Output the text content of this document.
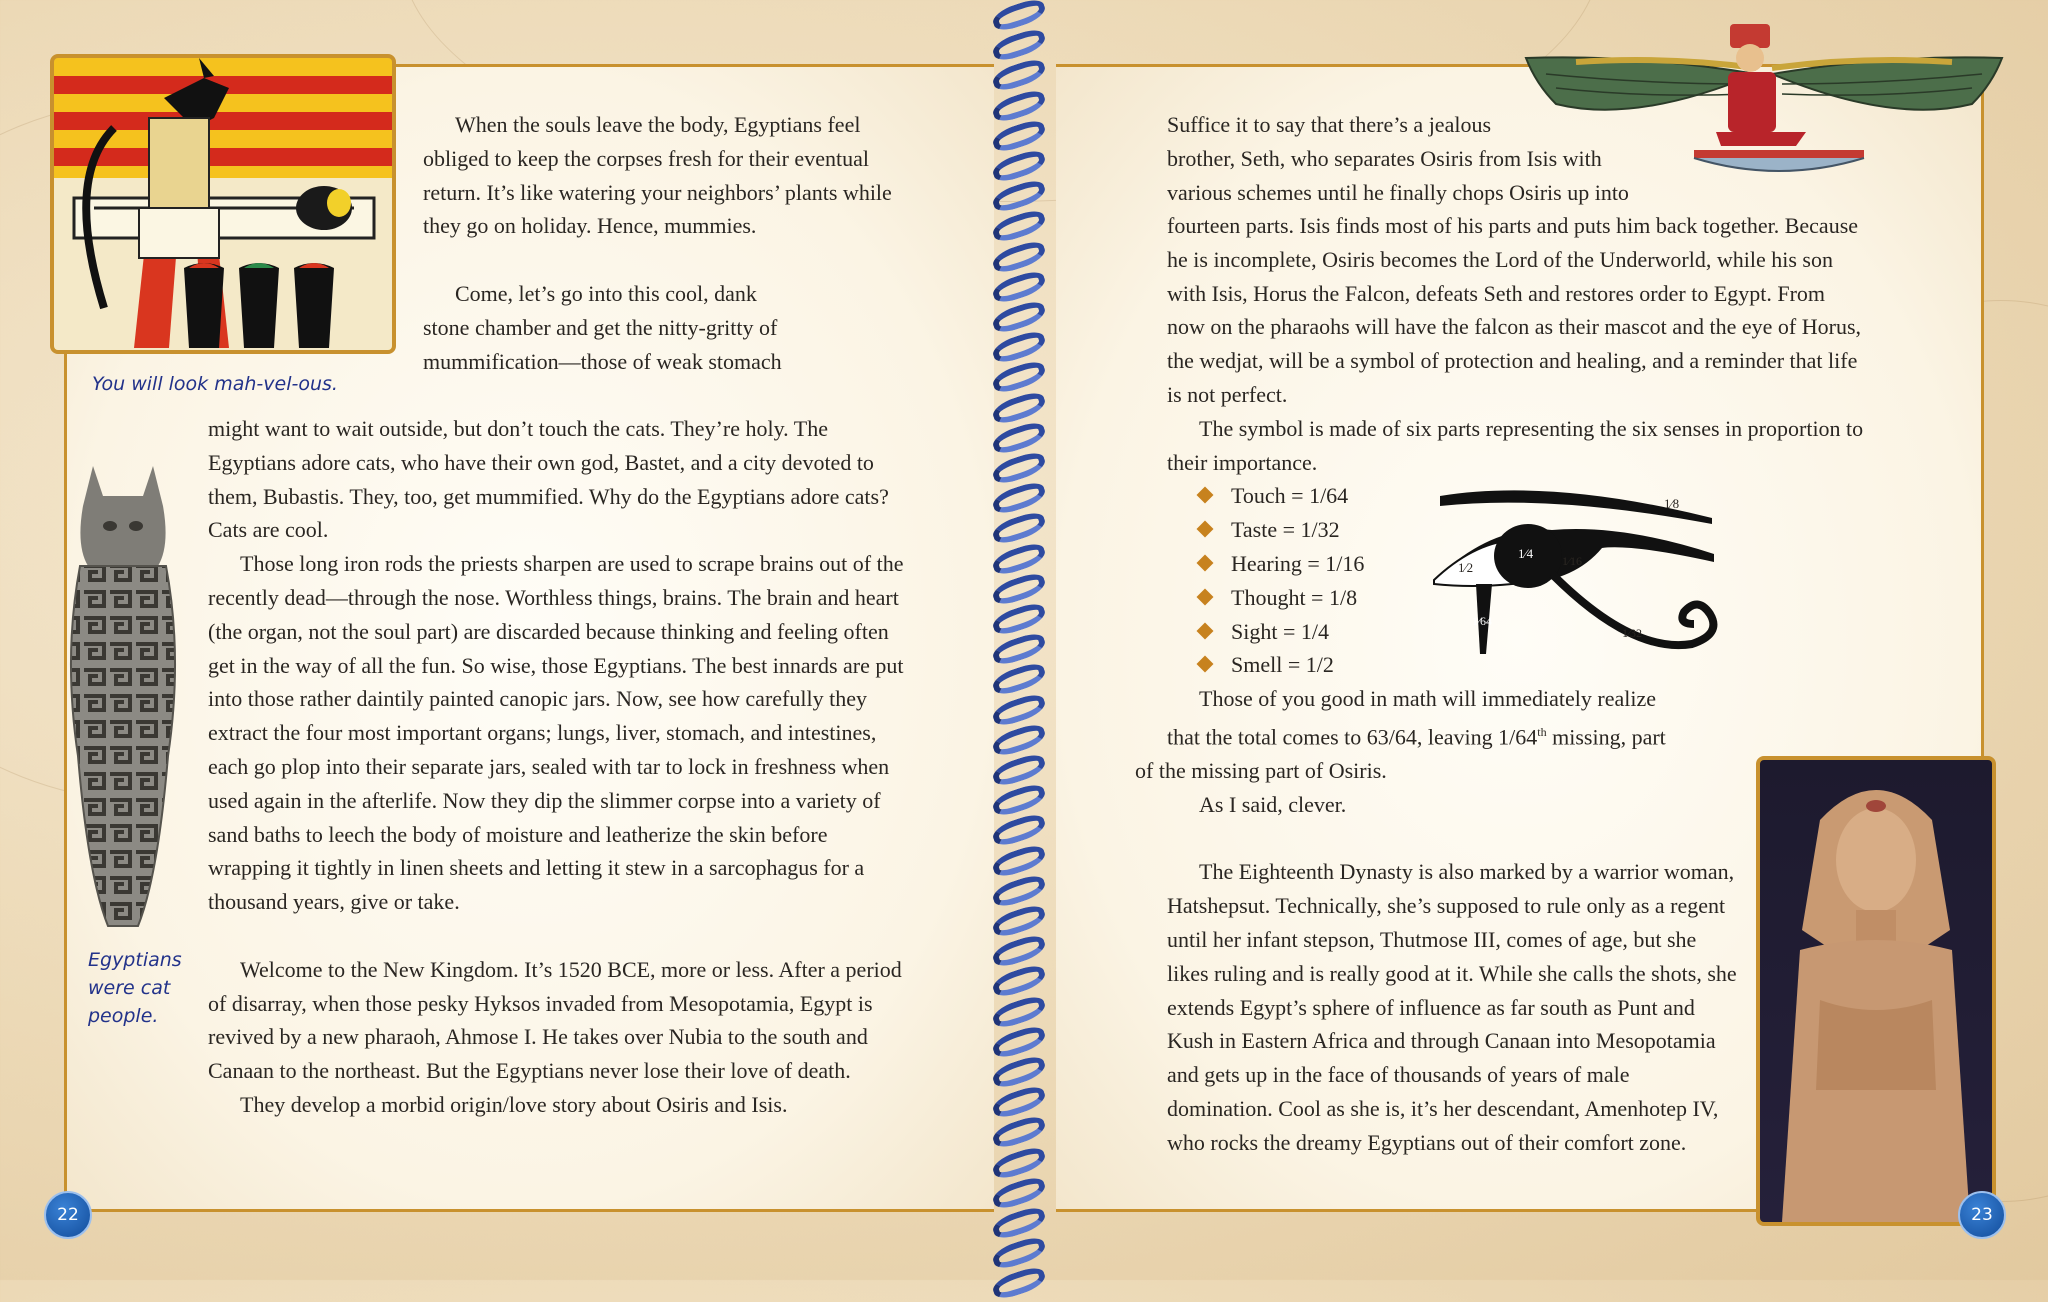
You will look mah-vel-ous.
Egyptians
were cat
people.

When the souls leave the body, Egyptians feel obliged to keep the corpses fresh for their eventual return. It’s like watering your neighbors’ plants while they go on holiday. Hence, mummies.

Come, let’s go into this cool, dank

stone chamber and get the nitty-gritty of

mummification—those of weak stomach

might want to wait outside, but don’t touch the cats. They’re holy. The Egyptians adore cats, who have their own god, Bastet, and a city devoted to them, Bubastis. They, too, get mummified. Why do the Egyptians adore cats? Cats are cool.

Those long iron rods the priests sharpen are used to scrape brains out of the recently dead—through the nose. Worthless things, brains. The brain and heart (the organ, not the soul part) are discarded because thinking and feeling often get in the way of all the fun. So wise, those Egyptians. The best innards are put into those rather daintily painted canopic jars. Now, see how carefully they extract the four most important organs; lungs, liver, stomach, and intestines, each go plop into their separate jars, sealed with tar to lock in freshness when used again in the afterlife. Now they dip the slimmer corpse into a variety of sand baths to leech the body of moisture and leatherize the skin before wrapping it tightly in linen sheets and letting it stew in a sarcophagus for a thousand years, give or take.

Welcome to the New Kingdom. It’s 1520 BCE, more or less. After a period of disarray, when those pesky Hyksos invaded from Mesopotamia, Egypt is revived by a new pharaoh, Ahmose I. He takes over Nubia to the south and Canaan to the northeast. But the Egyptians never lose their love of death.

They develop a morbid origin/love story about Osiris and Isis.

22

Suffice it to say that there’s a jealous

brother, Seth, who separates Osiris from Isis with

various schemes until he finally chops Osiris up into

fourteen parts. Isis finds most of his parts and puts him back together. Because he is incomplete, Osiris becomes the Lord of the Underworld, while his son with Isis, Horus the Falcon, defeats Seth and restores order to Egypt. From now on the pharaohs will have the falcon as their mascot and the eye of Horus, the wedjat, will be a symbol of protection and healing, and a reminder that life is not perfect.

The symbol is made of six parts representing the six senses in proportion to their importance.

Touch = 1/64
Taste = 1/32
Hearing = 1/16
Thought = 1/8
Sight = 1/4
Smell = 1/2

Those of you good in math will immediately realize
that the total comes to 63/64, leaving 1/64th missing, part
of the missing part of Osiris.

As I said, clever.

The Eighteenth Dynasty is also marked by a warrior woman, Hatshepsut. Technically, she’s supposed to rule only as a regent until her infant stepson, Thutmose III, comes of age, but she likes ruling and is really good at it. While she calls the shots, she extends Egypt’s sphere of influence as far south as Punt and Kush in Eastern Africa and through Canaan into Mesopotamia and gets up in the face of thousands of years of male domination. Cool as she is, it’s her descendant, Amenhotep IV, who rocks the dreamy Egyptians out of their comfort zone.

1⁄8
1⁄4
1⁄2	1⁄16
1⁄32
1⁄64
23
